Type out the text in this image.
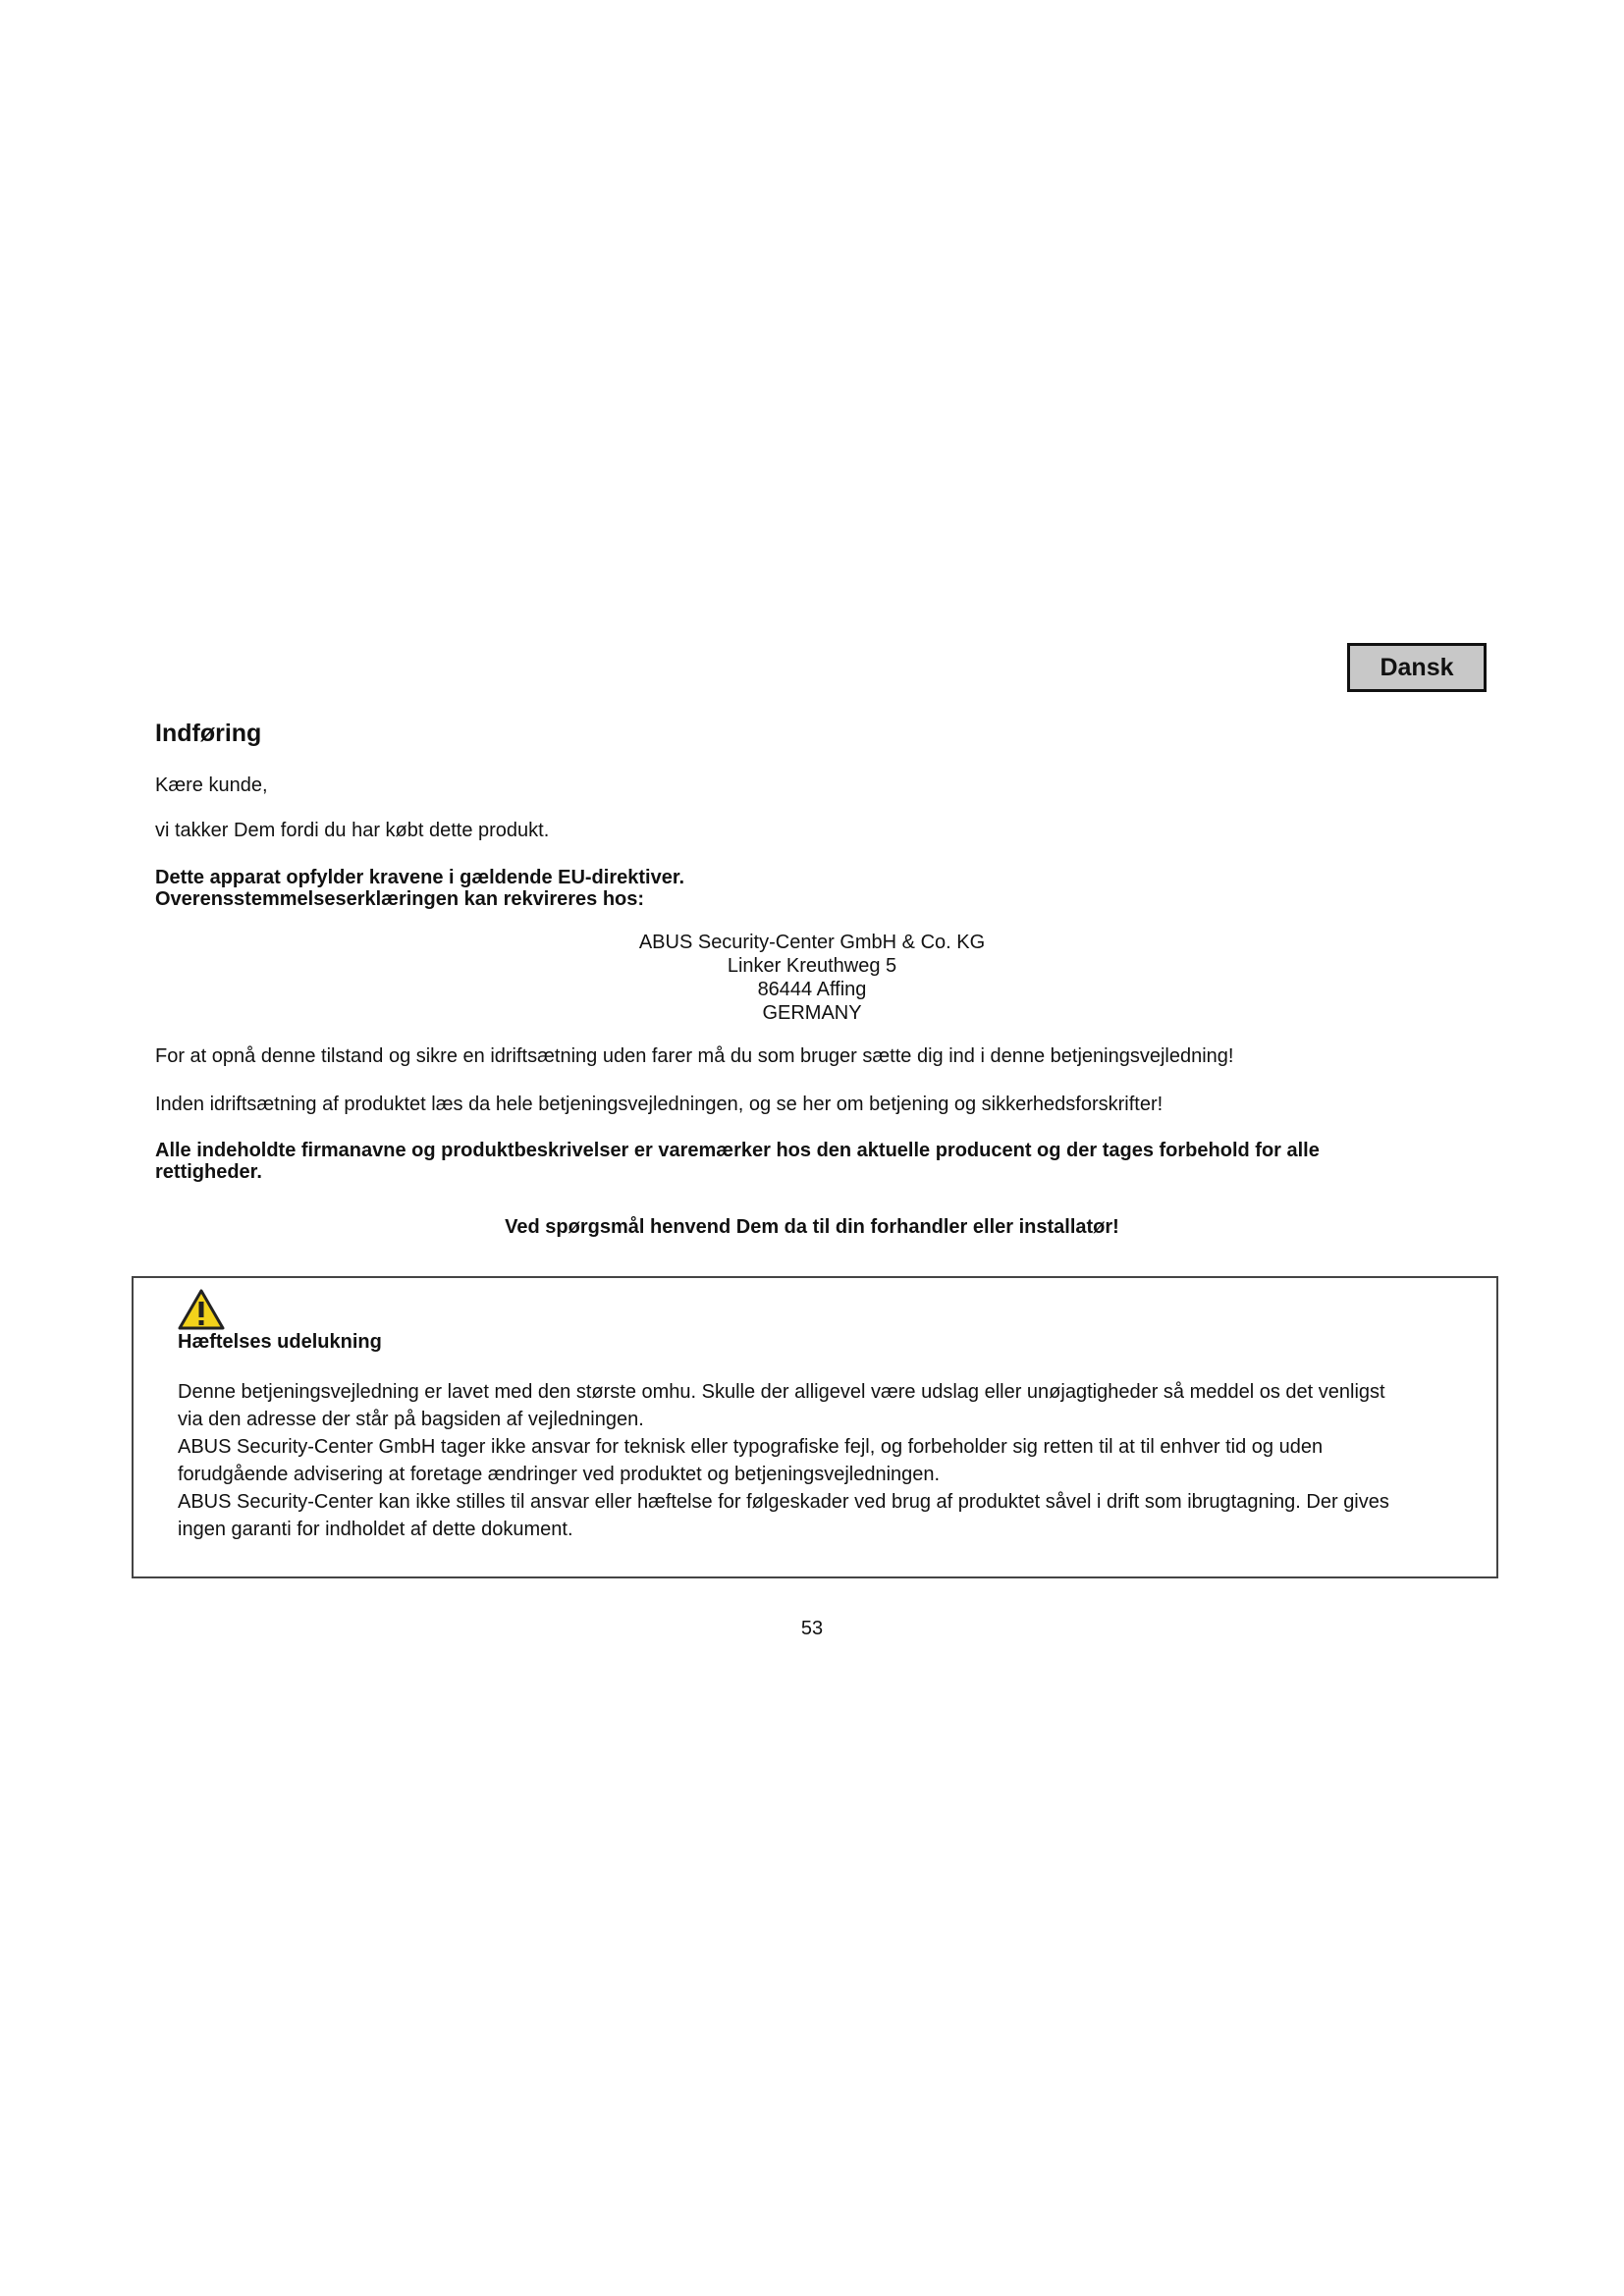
Dansk
Indføring

Kære kunde,

vi takker Dem fordi du har købt dette produkt.

Dette apparat opfylder kravene i gældende EU-direktiver.

Overensstemmelseserklæringen kan rekvireres hos:

ABUS Security-Center GmbH & Co. KG
Linker Kreuthweg 5
86444 Affing
GERMANY

For at opnå denne tilstand og sikre en idriftsætning uden farer må du som bruger sætte dig ind i denne betjeningsvejledning!

Inden idriftsætning af produktet læs da hele betjeningsvejledningen, og se her om betjening og sikkerhedsforskrifter!

Alle indeholdte firmanavne og produktbeskrivelser er varemærker hos den aktuelle producent og der tages forbehold for alle

rettigheder.

Ved spørgsmål henvend Dem da til din forhandler eller installatør!
Hæftelses udelukning
Denne betjeningsvejledning er lavet med den største omhu. Skulle der alligevel være udslag eller unøjagtigheder så meddel os det venligst
via den adresse der står på bagsiden af vejledningen.
ABUS Security-Center GmbH tager ikke ansvar for teknisk eller typografiske fejl, og forbeholder sig retten til at til enhver tid og uden
forudgående advisering at foretage ændringer ved produktet og betjeningsvejledningen.
ABUS Security-Center kan ikke stilles til ansvar eller hæftelse for følgeskader ved brug af produktet såvel i drift som ibrugtagning. Der gives
ingen garanti for indholdet af dette dokument.
53
